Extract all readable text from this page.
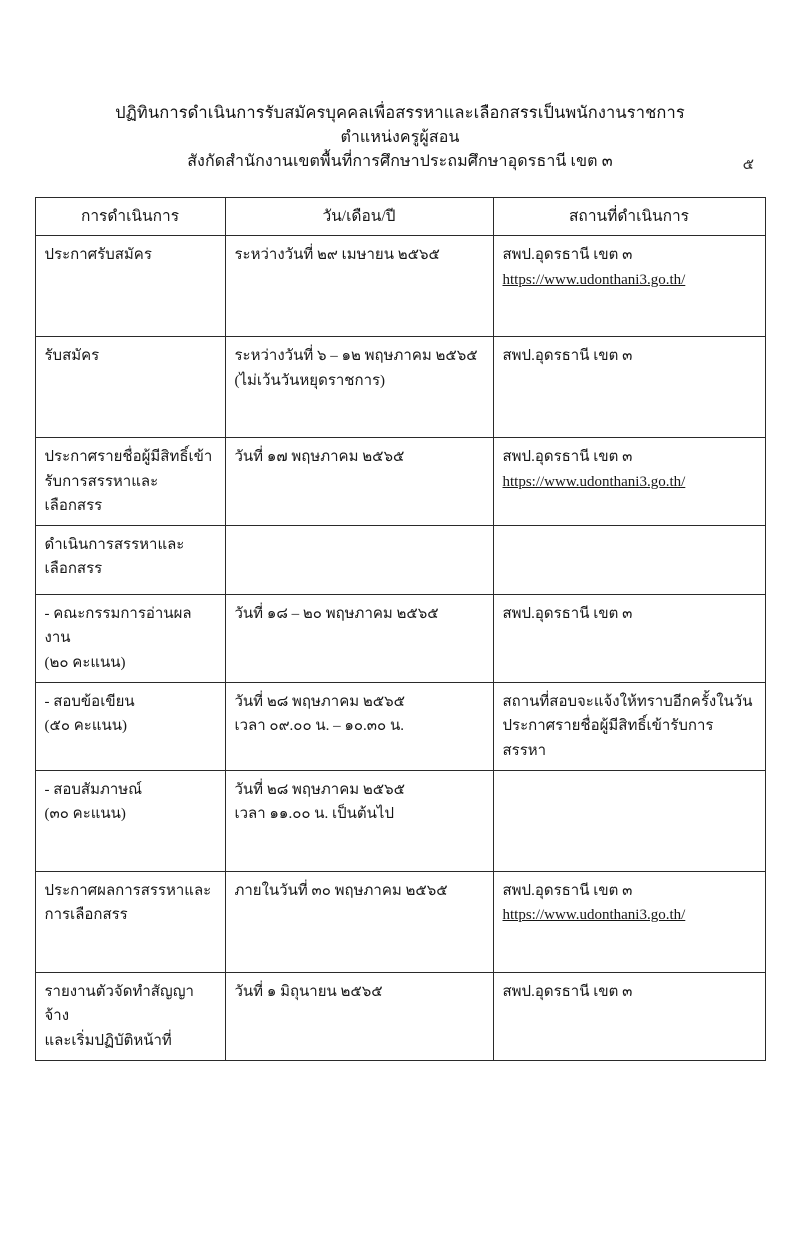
๕
ปฏิทินการดำเนินการรับสมัครบุคคลเพื่อสรรหาและเลือกสรรเป็นพนักงานราชการ
ตำแหน่งครูผู้สอน
สังกัดสำนักงานเขตพื้นที่การศึกษาประถมศึกษาอุดรธานี เขต ๓
การดำเนินการ	วัน/เดือน/ปี	สถานที่ดำเนินการ

ประกาศรับสมัคร	ระหว่างวันที่ ๒๙ เมษายน ๒๕๖๕	สพป.อุดรธานี เขต ๓
https://www.udonthani3.go.th/

รับสมัคร	ระหว่างวันที่ ๖ – ๑๒ พฤษภาคม ๒๕๖๕
(ไม่เว้นวันหยุดราชการ)	สพป.อุดรธานี เขต ๓

ประกาศรายชื่อผู้มีสิทธิ์เข้า
รับการสรรหาและเลือกสรร	วันที่ ๑๗ พฤษภาคม ๒๕๖๕	สพป.อุดรธานี เขต ๓
https://www.udonthani3.go.th/

ดำเนินการสรรหาและ
เลือกสรร		

- คณะกรรมการอ่านผลงาน
(๒๐ คะแนน)	วันที่ ๑๘ – ๒๐ พฤษภาคม ๒๕๖๕	สพป.อุดรธานี เขต ๓

- สอบข้อเขียน
(๕๐ คะแนน)	วันที่ ๒๘ พฤษภาคม ๒๕๖๕
เวลา ๐๙.๐๐ น. – ๑๐.๓๐ น.	สถานที่สอบจะแจ้งให้ทราบอีกครั้งในวัน
ประกาศรายชื่อผู้มีสิทธิ์เข้ารับการสรรหา

- สอบสัมภาษณ์
(๓๐ คะแนน)	วันที่ ๒๘ พฤษภาคม ๒๕๖๕
เวลา ๑๑.๐๐ น. เป็นต้นไป	

ประกาศผลการสรรหาและ
การเลือกสรร	ภายในวันที่ ๓๐ พฤษภาคม ๒๕๖๕	สพป.อุดรธานี เขต ๓
https://www.udonthani3.go.th/

รายงานตัวจัดทำสัญญาจ้าง
และเริ่มปฏิบัติหน้าที่	วันที่ ๑ มิถุนายน ๒๕๖๕	สพป.อุดรธานี เขต ๓
